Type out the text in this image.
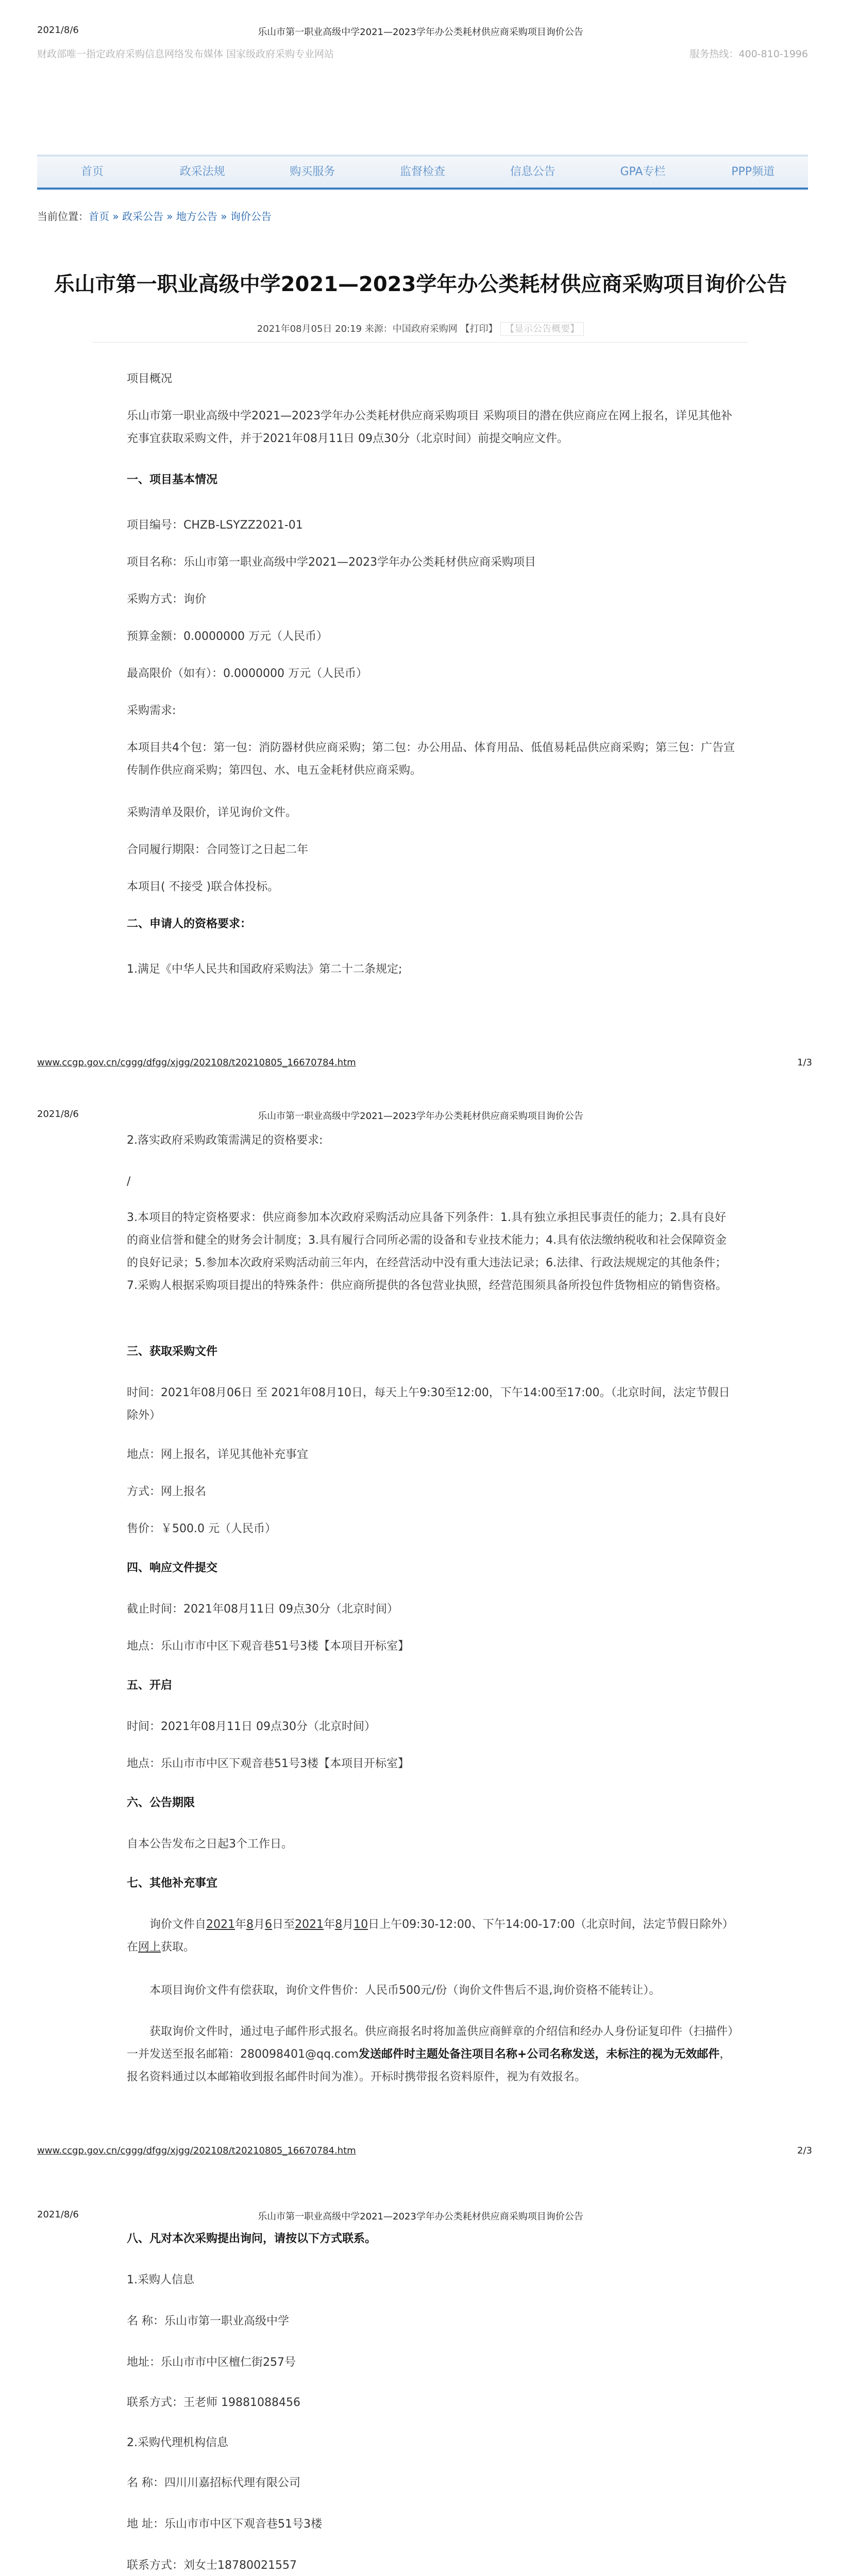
2021/8/6	乐山市第一职业高级中学2021—2023学年办公类耗材供应商采购项目询价公告
财政部唯一指定政府采购信息网络发布媒体 国家级政府采购专业网站	服务热线：400-810-1996
首页	政采法规	购买服务	监督检查	信息公告	GPA专栏	PPP频道
当前位置：首页 » 政采公告 » 地方公告 » 询价公告
乐山市第一职业高级中学2021—2023学年办公类耗材供应商采购项目询价公告
2021年08月05日 20:19 来源：中国政府采购网 【打印】 【显示公告概要】
项目概况
乐山市第一职业高级中学2021—2023学年办公类耗材供应商采购项目 采购项目的潜在供应商应在网上报名，详见其他补充事宜获取采购文件，并于2021年08月11日 09点30分（北京时间）前提交响应文件。
一、项目基本情况
项目编号：CHZB-LSYZZ2021-01
项目名称：乐山市第一职业高级中学2021—2023学年办公类耗材供应商采购项目
采购方式：询价
预算金额：0.0000000 万元（人民币）
最高限价（如有）：0.0000000 万元（人民币）
采购需求:
本项目共4个包：第一包：消防器材供应商采购；第二包：办公用品、体育用品、低值易耗品供应商采购；第三包：广告宣传制作供应商采购；第四包、水、电五金耗材供应商采购。
采购清单及限价，详见询价文件。
合同履行期限：合同签订之日起二年
本项目( 不接受 )联合体投标。
二、申请人的资格要求：
1.满足《中华人民共和国政府采购法》第二十二条规定;
www.ccgp.gov.cn/cggg/dfgg/xjgg/202108/t20210805_16670784.htm	1/3
2021/8/6	乐山市第一职业高级中学2021—2023学年办公类耗材供应商采购项目询价公告
2.落实政府采购政策需满足的资格要求:
/
3.本项目的特定资格要求：供应商参加本次政府采购活动应具备下列条件：1.具有独立承担民事责任的能力；2.具有良好的商业信誉和健全的财务会计制度；3.具有履行合同所必需的设备和专业技术能力；4.具有依法缴纳税收和社会保障资金的良好记录；5.参加本次政府采购活动前三年内，在经营活动中没有重大违法记录；6.法律、行政法规规定的其他条件；7.采购人根据采购项目提出的特殊条件：供应商所提供的各包营业执照，经营范围须具备所投包件货物相应的销售资格。
三、获取采购文件
时间：2021年08月06日 至 2021年08月10日，每天上午9:30至12:00，下午14:00至17:00。（北京时间，法定节假日除外）
地点：网上报名，详见其他补充事宜
方式：网上报名
售价：￥500.0 元（人民币）
四、响应文件提交
截止时间：2021年08月11日 09点30分（北京时间）
地点：乐山市市中区下观音巷51号3楼【本项目开标室】
五、开启
时间：2021年08月11日 09点30分（北京时间）
地点：乐山市市中区下观音巷51号3楼【本项目开标室】
六、公告期限
自本公告发布之日起3个工作日。
七、其他补充事宜
询价文件自2021年8月6日至2021年8月10日上午09:30-12:00、下午14:00-17:00（北京时间，法定节假日除外）在网上获取。
本项目询价文件有偿获取，询价文件售价：人民币500元/份（询价文件售后不退,询价资格不能转让）。
获取询价文件时，通过电子邮件形式报名。供应商报名时将加盖供应商鲜章的介绍信和经办人身份证复印件（扫描件）一并发送至报名邮箱：280098401@qq.com发送邮件时主题处备注项目名称+公司名称发送，未标注的视为无效邮件，报名资料通过以本邮箱收到报名邮件时间为准）。开标时携带报名资料原件，视为有效报名。
www.ccgp.gov.cn/cggg/dfgg/xjgg/202108/t20210805_16670784.htm	2/3
2021/8/6	乐山市第一职业高级中学2021—2023学年办公类耗材供应商采购项目询价公告
八、凡对本次采购提出询问，请按以下方式联系。
1.采购人信息
名 称：乐山市第一职业高级中学
地址：乐山市市中区檀仁街257号
联系方式：王老师 19881088456
2.采购代理机构信息
名 称：四川川嘉招标代理有限公司
地 址：乐山市市中区下观音巷51号3楼
联系方式：刘女士18780021557
